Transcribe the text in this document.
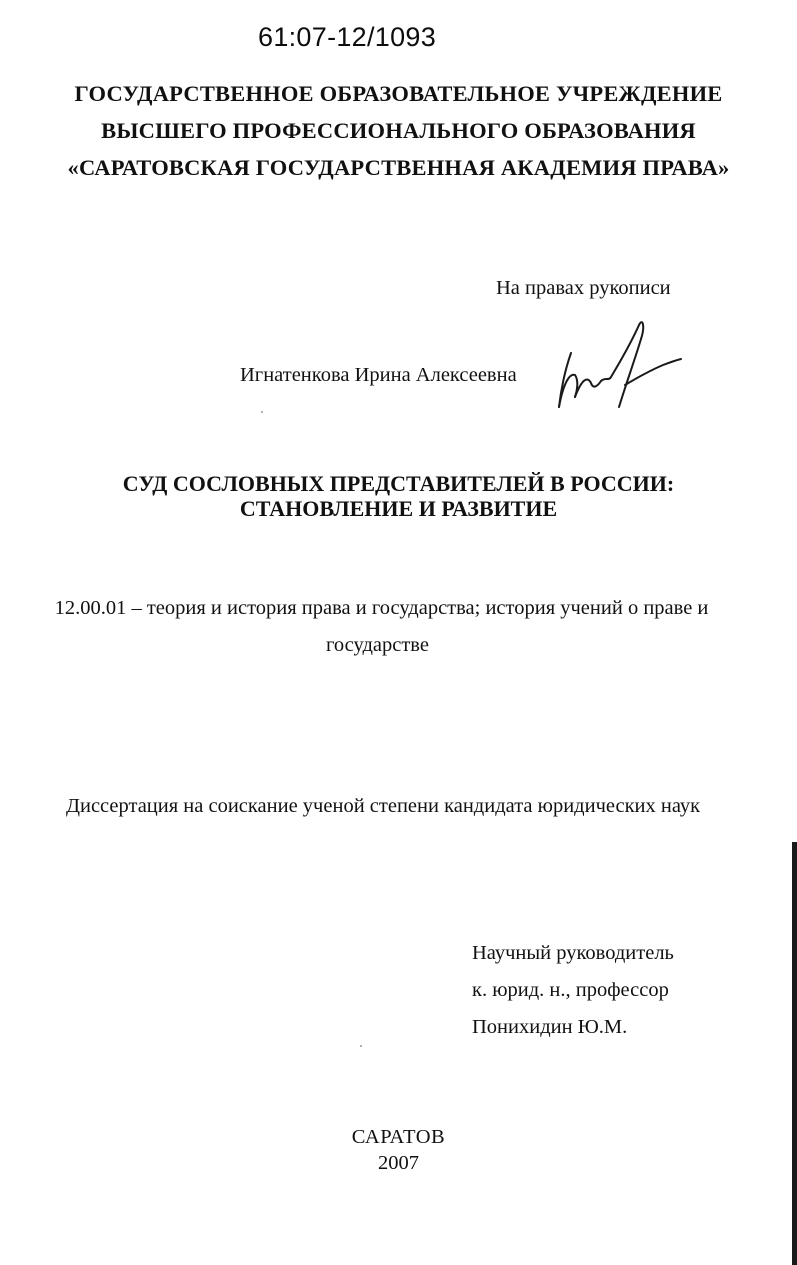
61:07-12/1093
ГОСУДАРСТВЕННОЕ ОБРАЗОВАТЕЛЬНОЕ УЧРЕЖДЕНИЕ
ВЫСШЕГО ПРОФЕССИОНАЛЬНОГО ОБРАЗОВАНИЯ
«САРАТОВСКАЯ ГОСУДАРСТВЕННАЯ АКАДЕМИЯ ПРАВА»
На правах рукописи
Игнатенкова Ирина Алексеевна
СУД СОСЛОВНЫХ ПРЕДСТАВИТЕЛЕЙ В РОССИИ:
СТАНОВЛЕНИЕ И РАЗВИТИЕ
12.00.01 – теория и история права и государства; история учений о праве и
государстве
Диссертация на соискание ученой степени кандидата юридических наук
Научный руководитель
к. юрид. н., профессор
Понихидин Ю.М.
САРАТОВ
2007
